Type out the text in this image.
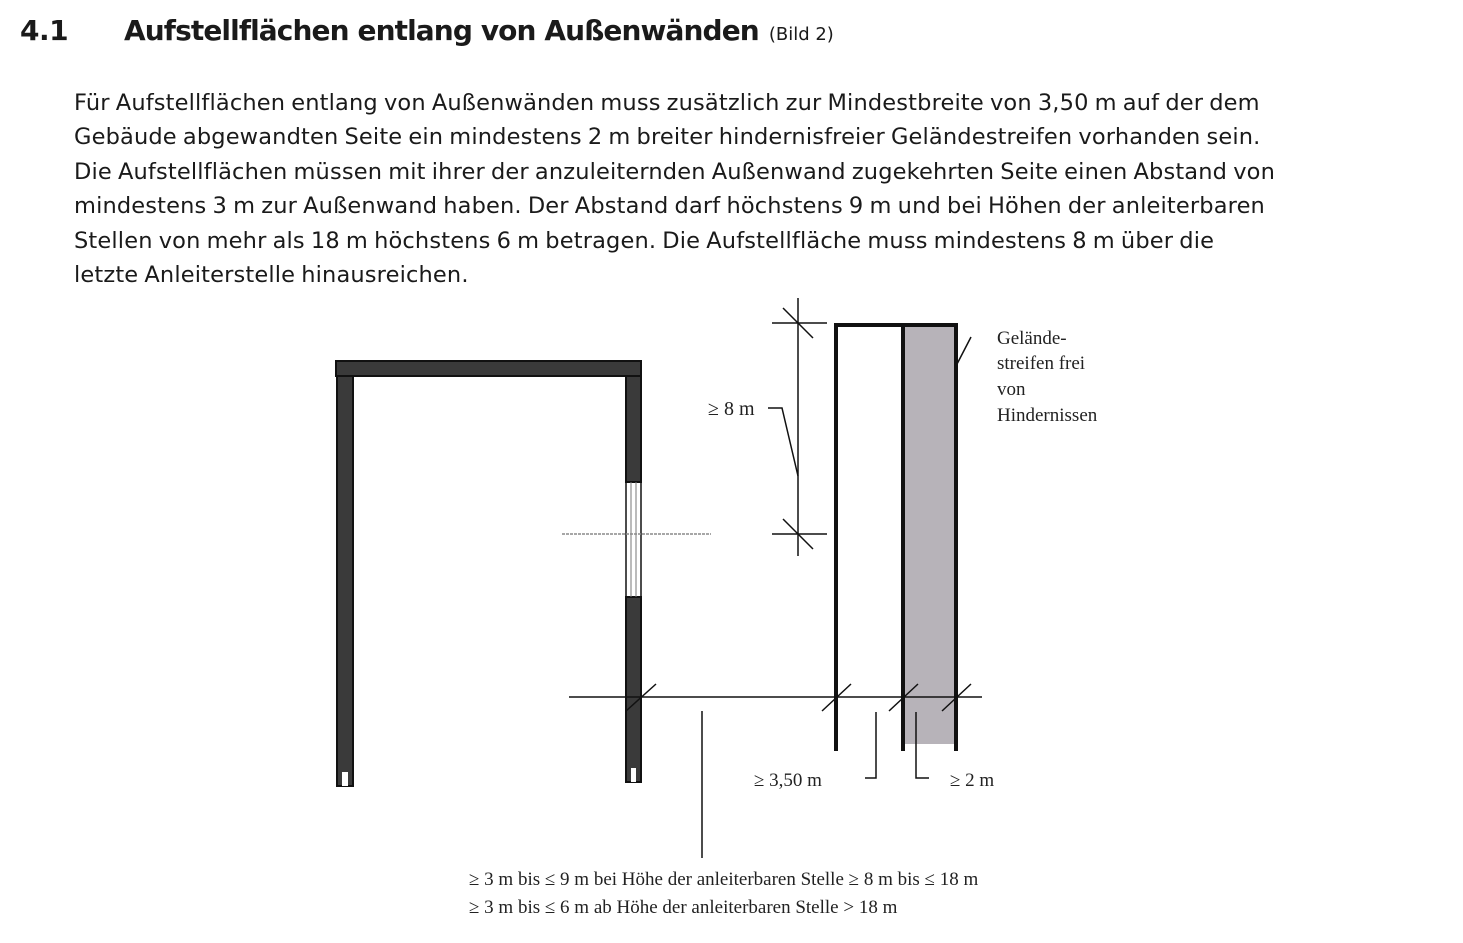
4.1 Aufstellflächen entlang von Außenwänden (Bild 2)
Für Aufstellflächen entlang von Außenwänden muss zusätzlich zur Mindestbreite von 3,50 m auf der dem
Gebäude abgewandten Seite ein mindestens 2 m breiter hindernisfreier Geländestreifen vorhanden sein.
Die Aufstellflächen müssen mit ihrer der anzuleiternden Außenwand zugekehrten Seite einen Abstand von
mindestens 3 m zur Außenwand haben. Der Abstand darf höchstens 9 m und bei Höhen der anleiterbaren
Stellen von mehr als 18 m höchstens 6 m betragen. Die Aufstellfläche muss mindestens 8 m über die
letzte Anleiterstelle hinausreichen.
≥ 8 m
Gelände-
streifen frei
von
Hindernissen
≥ 3,50 m	≥ 2 m
≥ 3 m bis ≤ 9 m bei Höhe der anleiterbaren Stelle ≥ 8 m bis ≤ 18 m
≥ 3 m bis ≤ 6 m ab Höhe der anleiterbaren Stelle > 18 m
